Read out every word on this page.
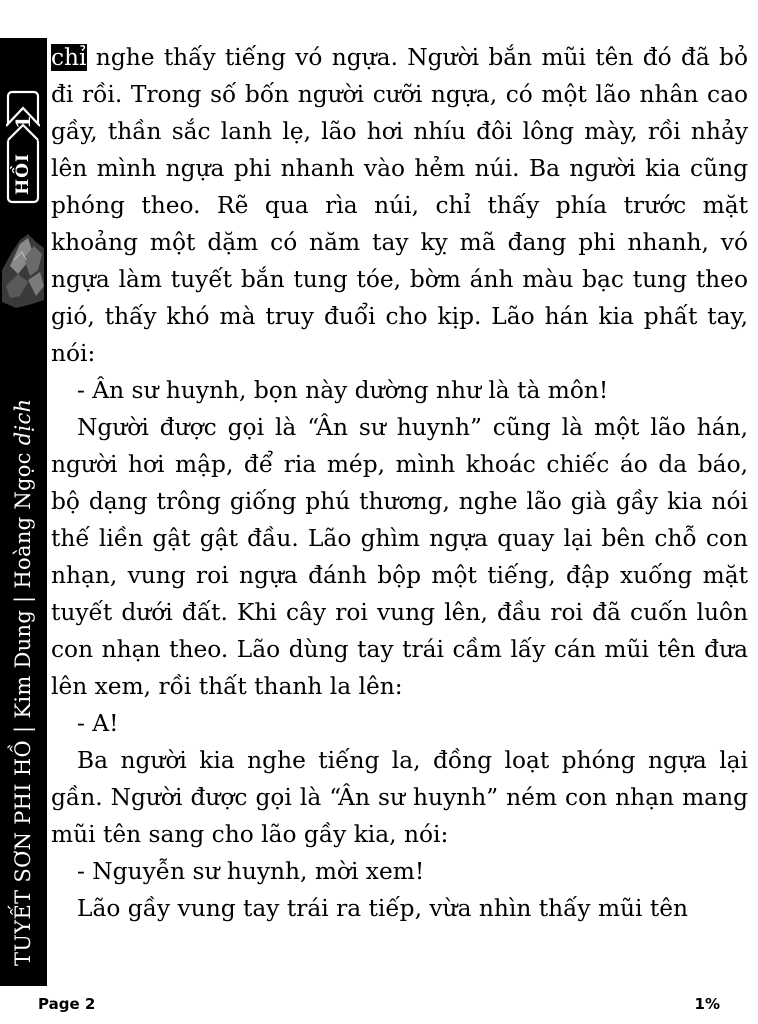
1
HỒI
TUYẾT SƠN PHI HỒ | Kim Dung | Hoàng Ngọc dịch

chỉ nghe thấy tiếng vó ngựa. Người bắn mũi tên đó đã bỏ đi rồi. Trong số bốn người cưỡi ngựa, có một lão nhân cao gầy, thần sắc lanh lẹ, lão hơi nhíu đôi lông mày, rồi nhảy lên mình ngựa phi nhanh vào hẻm núi. Ba người kia cũng phóng theo. Rẽ qua rìa núi, chỉ thấy phía trước mặt khoảng một dặm có năm tay kỵ mã đang phi nhanh, vó ngựa làm tuyết bắn tung tóe, bờm ánh màu bạc tung theo gió, thấy khó mà truy đuổi cho kịp. Lão hán kia phất tay, nói:

- Ân sư huynh, bọn này dường như là tà môn!

Người được gọi là “Ân sư huynh” cũng là một lão hán, người hơi mập, để ria mép, mình khoác chiếc áo da báo, bộ dạng trông giống phú thương, nghe lão già gầy kia nói thế liền gật gật đầu. Lão ghìm ngựa quay lại bên chỗ con nhạn, vung roi ngựa đánh bộp một tiếng, đập xuống mặt tuyết dưới đất. Khi cây roi vung lên, đầu roi đã cuốn luôn con nhạn theo. Lão dùng tay trái cầm lấy cán mũi tên đưa lên xem, rồi thất thanh la lên:

- A!

Ba người kia nghe tiếng la, đồng loạt phóng ngựa lại gần. Người được gọi là “Ân sư huynh” ném con nhạn mang mũi tên sang cho lão gầy kia, nói:

- Nguyễn sư huynh, mời xem!

Lão gầy vung tay trái ra tiếp, vừa nhìn thấy mũi tên

Page 2	1%
